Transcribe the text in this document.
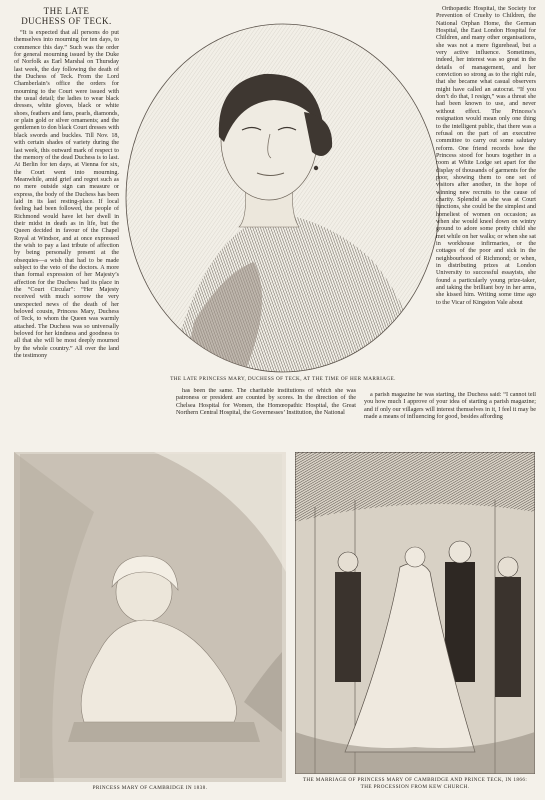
THE LATE
DUCHESS OF TECK.

“It is expected that all persons do put themselves into mourning for ten days, to commence this day.” Such was the order for general mourning issued by the Duke of Norfolk as Earl Marshal on Thursday last week, the day following the death of the Duchess of Teck. From the Lord Chamberlain’s office the orders for mourning to the Court were issued with the usual detail; the ladies to wear black dresses, white gloves, black or white shoes, feathers and fans, pearls, diamonds, or plain gold or silver ornaments; and the gentlemen to don black Court dresses with black swords and buckles. Till Nov. 18, with certain shades of variety during the last week, this outward mark of respect to the memory of the dead Duchess is to last. At Berlin for ten days, at Vienna for six, the Court went into mourning. Meanwhile, amid grief and regret such as no mere outside sign can measure or express, the body of the Duchess has been laid in its last resting-place. If local feeling had been followed, the people of Richmond would have let her dwell in their midst in death as in life, but the Queen decided in favour of the Chapel Royal at Windsor, and at once expressed the wish to pay a last tribute of affection by being personally present at the obsequies—a wish that had to be made subject to the veto of the doctors. A more than formal expression of her Majesty’s affection for the Duchess had its place in the “Court Circular”: “Her Majesty received with much sorrow the very unexpected news of the death of her beloved cousin, Princess Mary, Duchess of Teck, to whom the Queen was warmly attached. The Duchess was so universally beloved for her kindness and goodness to all that she will be most deeply mourned by the whole country.” All over the land the testimony

THE LATE PRINCESS MARY, DUCHESS OF TECK, AT THE TIME OF HER MARRIAGE.

Orthopædic Hospital, the Society for Prevention of Cruelty to Children, the National Orphan Home, the German Hospital, the East London Hospital for Children, and many other organisations, she was not a mere figurehead, but a very active influence. Sometimes, indeed, her interest was so great in the details of management, and her conviction so strong as to the right rule, that she became what casual observers might have called an autocrat. “If you don’t do that, I resign,” was a threat she had been known to use, and never without effect. The Princess’s resignation would mean only one thing to the intelligent public, that there was a refusal on the part of an executive committee to carry out some salutary reform. One friend records how the Princess stood for hours together in a room at White Lodge set apart for the display of thousands of garments for the poor, showing them to one set of visitors after another, in the hope of winning new recruits to the cause of charity. Splendid as she was at Court functions, she could be the simplest and homeliest of women on occasion; as when she would kneel down on wintry ground to adore some pretty child she met while on her walks; or when she sat in workhouse infirmaries, or the cottages of the poor and sick in the neighbourhood of Richmond; or when, in distributing prizes at London University to successful essayists, she found a particularly young prize-taker, and taking the brilliant boy in her arms, she kissed him. Writing some time ago to the Vicar of Kingston Vale about

has been the same. The charitable institutions of which she was patroness or president are counted by scores. In the direction of the Chelsea Hospital for Women, the Homœopathic Hospital, the Great Northern Central Hospital, the Governesses’ Institution, the National

a parish magazine he was starting, the Duchess said: “I cannot tell you how much I approve of your idea of starting a parish magazine; and if only our villagers will interest themselves in it, I feel it may be made a means of influencing for good, besides affording

PRINCESS MARY OF CAMBRIDGE IN 1838.
THE MARRIAGE OF PRINCESS MARY OF CAMBRIDGE AND PRINCE TECK, IN 1866:
THE PROCESSION FROM KEW CHURCH.
